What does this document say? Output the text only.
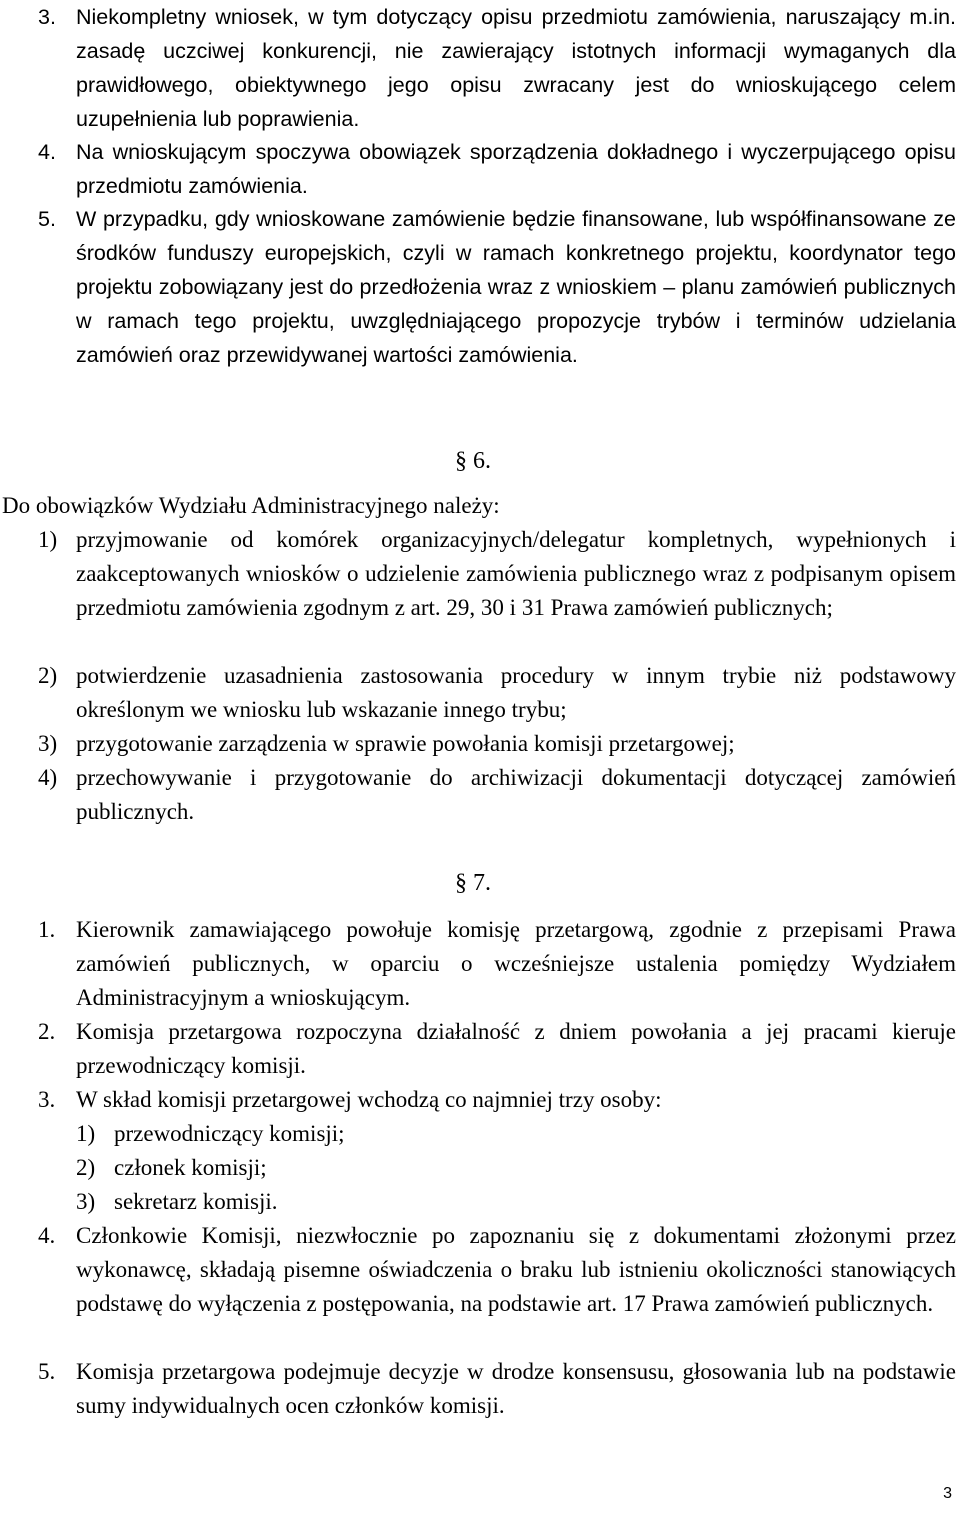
3. Niekompletny wniosek, w tym dotyczący opisu przedmiotu zamówienia, naruszający m.in. zasadę uczciwej konkurencji, nie zawierający istotnych informacji wymaganych dla prawidłowego, obiektywnego jego opisu zwracany jest do wnioskującego celem uzupełnienia lub poprawienia.
4. Na wnioskującym spoczywa obowiązek sporządzenia dokładnego i wyczerpującego opisu przedmiotu zamówienia.
5. W przypadku, gdy wnioskowane zamówienie będzie finansowane, lub współfinansowane ze środków funduszy europejskich, czyli w ramach konkretnego projektu, koordynator tego projektu zobowiązany jest do przedłożenia wraz z wnioskiem – planu zamówień publicznych w ramach tego projektu, uwzględniającego propozycje trybów i terminów udzielania zamówień oraz przewidywanej wartości zamówienia.
§ 6.
Do obowiązków Wydziału Administracyjnego należy:
1) przyjmowanie od komórek organizacyjnych/delegatur kompletnych, wypełnionych i zaakceptowanych wniosków o udzielenie zamówienia publicznego wraz z podpisanym opisem przedmiotu zamówienia zgodnym z art. 29, 30 i 31 Prawa zamówień publicznych;
2) potwierdzenie uzasadnienia zastosowania procedury w innym trybie niż podstawowy określonym we wniosku lub wskazanie innego trybu;
3) przygotowanie zarządzenia w sprawie powołania komisji przetargowej;
4) przechowywanie i przygotowanie do archiwizacji dokumentacji dotyczącej zamówień publicznych.
§ 7.
1. Kierownik zamawiającego powołuje komisję przetargową, zgodnie z przepisami Prawa zamówień publicznych, w oparciu o wcześniejsze ustalenia pomiędzy Wydziałem Administracyjnym a wnioskującym.
2. Komisja przetargowa rozpoczyna działalność z dniem powołania a jej pracami kieruje przewodniczący komisji.
3. W skład komisji przetargowej wchodzą co najmniej trzy osoby:
1) przewodniczący komisji;
2) członek komisji;
3) sekretarz komisji.
4. Członkowie Komisji, niezwłocznie po zapoznaniu się z dokumentami złożonymi przez wykonawcę, składają pisemne oświadczenia o braku lub istnieniu okoliczności stanowiących podstawę do wyłączenia z postępowania, na podstawie art. 17 Prawa zamówień publicznych.
5. Komisja przetargowa podejmuje decyzje w drodze konsensusu, głosowania lub na podstawie sumy indywidualnych ocen członków komisji.
3
